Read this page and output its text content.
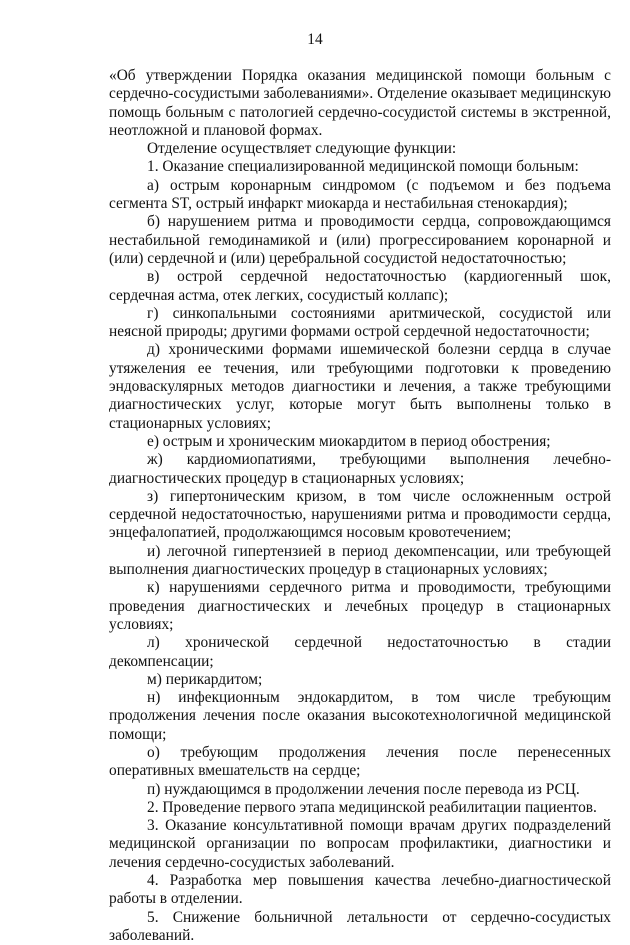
14

«Об утверждении Порядка оказания медицинской помощи больным с сердечно-сосудистыми заболеваниями». Отделение оказывает медицинскую помощь больным с патологией сердечно-сосудистой системы в экстренной, неотложной и плановой формах.

Отделение осуществляет следующие функции:

1. Оказание специализированной медицинской помощи больным:

а) острым коронарным синдромом (с подъемом и без подъема сегмента ST, острый инфаркт миокарда и нестабильная стенокардия);

б) нарушением ритма и проводимости сердца, сопровождающимся нестабильной гемодинамикой и (или) прогрессированием коронарной и (или) сердечной и (или) церебральной сосудистой недостаточностью;

в) острой сердечной недостаточностью (кардиогенный шок, сердечная астма, отек легких, сосудистый коллапс);

г) синкопальными состояниями аритмической, сосудистой или неясной природы; другими формами острой сердечной недостаточности;

д) хроническими формами ишемической болезни сердца в случае утяжеления ее течения, или требующими подготовки к проведению эндоваскулярных методов диагностики и лечения, а также требующими диагностических услуг, которые могут быть выполнены только в стационарных условиях;

е) острым и хроническим миокардитом в период обострения;

ж) кардиомиопатиями, требующими выполнения лечебно-диагностических процедур в стационарных условиях;

з) гипертоническим кризом, в том числе осложненным острой сердечной недостаточностью, нарушениями ритма и проводимости сердца, энцефалопатией, продолжающимся носовым кровотечением;

и) легочной гипертензией в период декомпенсации, или требующей выполнения диагностических процедур в стационарных условиях;

к) нарушениями сердечного ритма и проводимости, требующими проведения диагностических и лечебных процедур в стационарных условиях;

л) хронической сердечной недостаточностью в стадии декомпенсации;

м) перикардитом;

н) инфекционным эндокардитом, в том числе требующим продолжения лечения после оказания высокотехнологичной медицинской помощи;

о) требующим продолжения лечения после перенесенных оперативных вмешательств на сердце;

п) нуждающимся в продолжении лечения после перевода из РСЦ.

2. Проведение первого этапа медицинской реабилитации пациентов.

3. Оказание консультативной помощи врачам других подразделений медицинской организации по вопросам профилактики, диагностики и лечения сердечно-сосудистых заболеваний.

4. Разработка мер повышения качества лечебно-диагностической работы в отделении.

5. Снижение больничной летальности от сердечно-сосудистых заболеваний.
